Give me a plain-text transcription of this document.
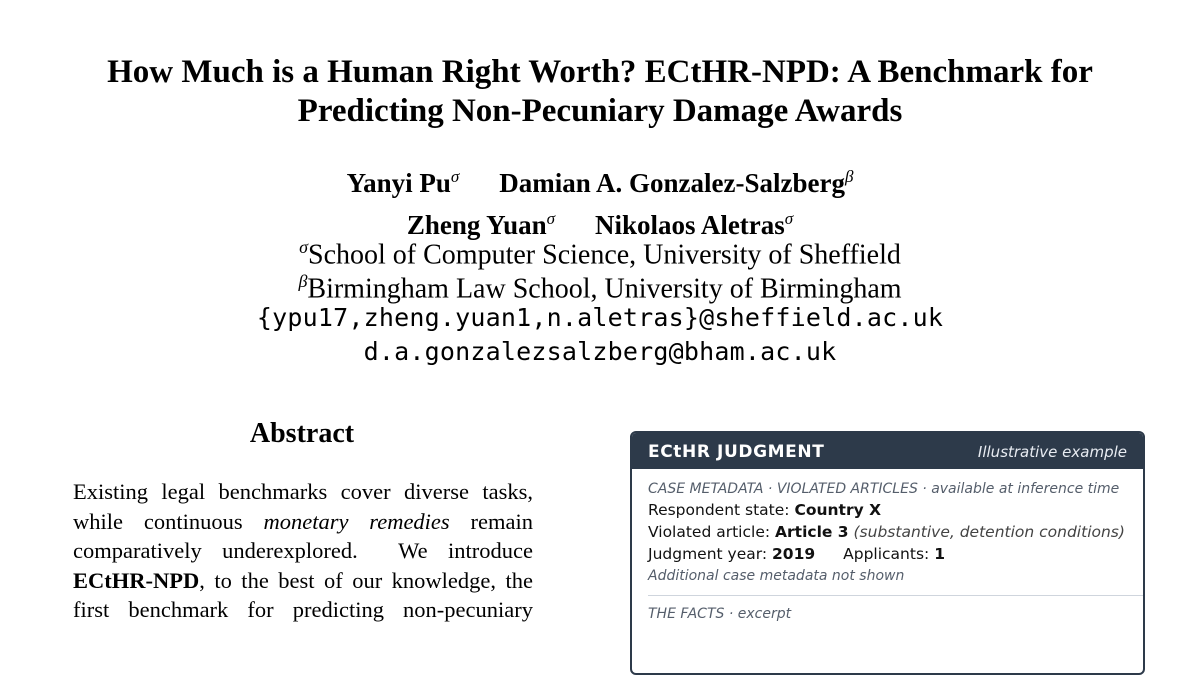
How Much is a Human Right Worth? ECtHR-NPD: A Benchmark for
Predicting Non-Pecuniary Damage Awards
Yanyi $Pu^\sigma$ Damian A. Gonzalez-Salzberg$^\beta$
Zheng Yuan$^\sigma$ Nikolaos Aletras$^\sigma$
$^\sigma$School of Computer Science, University of Sheffield
$^\beta$Birmingham Law School, University of Birmingham
{ypu17,zheng.yuan1,n.aletras}@sheffield.ac.uk
d.a.gonzalezsalzberg@bham.ac.uk
Abstract
Existing legal benchmarks cover diverse tasks,
while continuous monetary remedies remain
comparatively underexplored.  We introduce
ECtHR-NPD, to the best of our knowledge, the
first benchmark for predicting non-pecuniary
ECtHR JUDGMENT	Illustrative example
CASE METADATA · VIOLATED ARTICLES · available at inference time
Respondent state: Country X
Violated article: Article 3 (substantive, detention conditions)
Judgment year: 2019 Applicants: 1
Additional case metadata not shown
THE FACTS · excerpt
